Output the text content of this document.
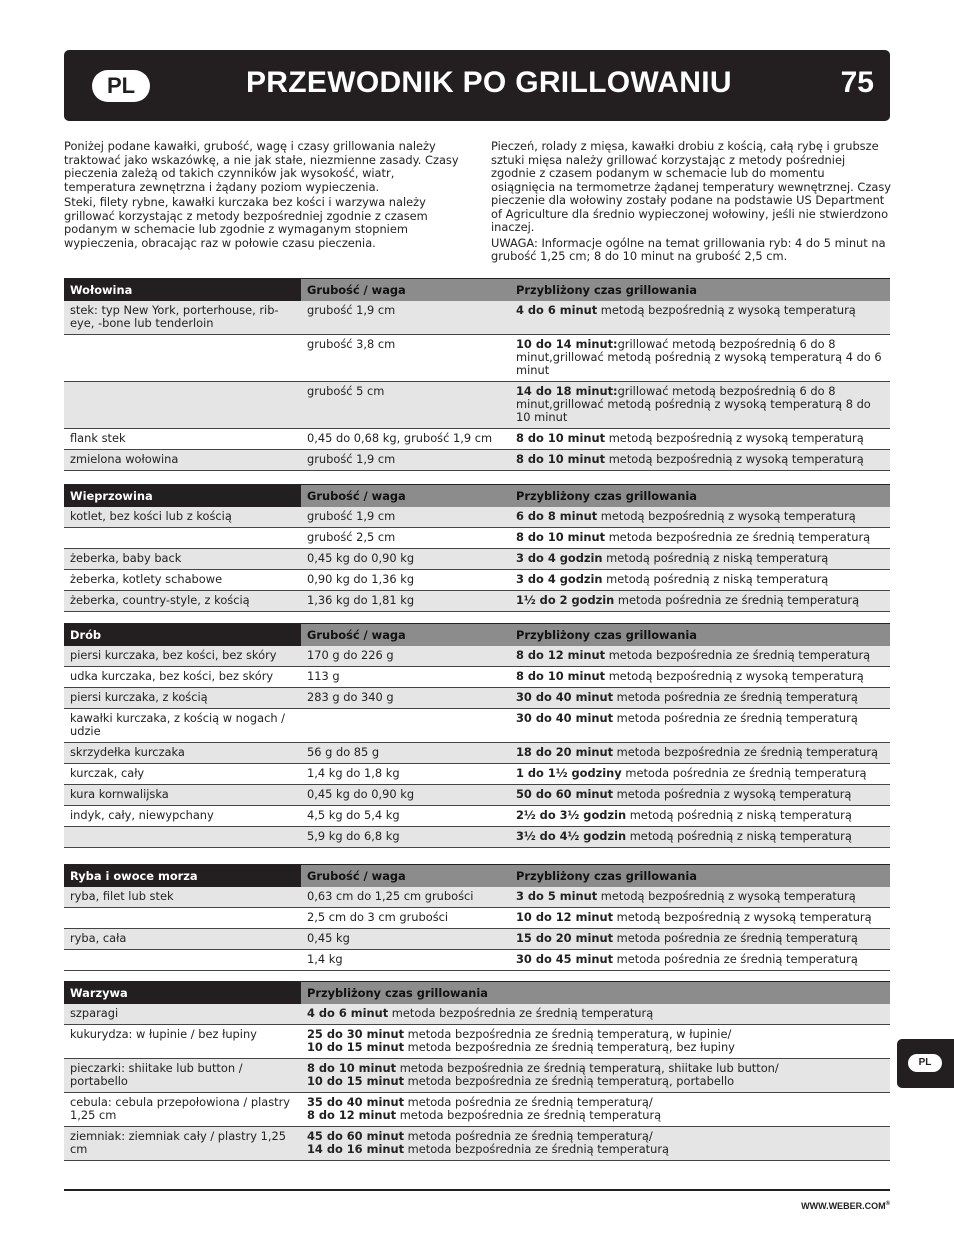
PL	PRZEWODNIK PO GRILLOWANIU	75

Poniżej podane kawałki, grubość, wagę i czasy grillowania należy traktować jako wskazówkę, a nie jak stałe, niezmienne zasady. Czasy pieczenia zależą od takich czynników jak wysokość, wiatr, temperatura zewnętrzna i żądany poziom wypieczenia.

Steki, filety rybne, kawałki kurczaka bez kości i warzywa należy grillować korzystając z metody bezpośredniej zgodnie z czasem podanym w schemacie lub zgodnie z wymaganym stopniem wypieczenia, obracając raz w połowie czasu pieczenia.

Pieczeń, rolady z mięsa, kawałki drobiu z kością, całą rybę i grubsze sztuki mięsa należy grillować korzystając z metody pośredniej zgodnie z czasem podanym w schemacie lub do momentu osiągnięcia na termometrze żądanej temperatury wewnętrznej. Czasy pieczenie dla wołowiny zostały podane na podstawie US Department of Agriculture dla średnio wypieczonej wołowiny, jeśli nie stwierdzono inaczej.

UWAGA: Informacje ogólne na temat grillowania ryb: 4 do 5 minut na grubość 1,25 cm; 8 do 10 minut na grubość 2,5 cm.

Wołowina	Grubość / waga	Przybliżony czas grillowania
stek: typ New York, porterhouse, rib-eye, -bone lub tenderloin	grubość 1,9 cm	4 do 6 minut metodą bezpośrednią z wysoką temperaturą
	grubość 3,8 cm	10 do 14 minut:grillować metodą bezpośrednią 6 do 8 minut,grillować metodą pośrednią z wysoką temperaturą 4 do 6 minut
	grubość 5 cm	14 do 18 minut:grillować metodą bezpośrednią 6 do 8 minut,grillować metodą pośrednią z wysoką temperaturą 8 do 10 minut
flank stek	0,45 do 0,68 kg, grubość 1,9 cm	8 do 10 minut metodą bezpośrednią z wysoką temperaturą
zmielona wołowina	grubość 1,9 cm	8 do 10 minut metodą bezpośrednią z wysoką temperaturą
Wieprzowina	Grubość / waga	Przybliżony czas grillowania
kotlet, bez kości lub z kością	grubość 1,9 cm	6 do 8 minut metodą bezpośrednią z wysoką temperaturą
	grubość 2,5 cm	8 do 10 minut metoda bezpośrednia ze średnią temperaturą
żeberka, baby back	0,45 kg do 0,90 kg	3 do 4 godzin metodą pośrednią z niską temperaturą
żeberka, kotlety schabowe	0,90 kg do 1,36 kg	3 do 4 godzin metodą pośrednią z niską temperaturą
żeberka, country-style, z kością	1,36 kg do 1,81 kg	1½ do 2 godzin metoda pośrednia ze średnią temperaturą
Drób	Grubość / waga	Przybliżony czas grillowania
piersi kurczaka, bez kości, bez skóry	170 g do 226 g	8 do 12 minut metoda bezpośrednia ze średnią temperaturą
udka kurczaka, bez kości, bez skóry	113 g	8 do 10 minut metodą bezpośrednią z wysoką temperaturą
piersi kurczaka, z kością	283 g do 340 g	30 do 40 minut metoda pośrednia ze średnią temperaturą
kawałki kurczaka, z kością w nogach / udzie		30 do 40 minut metoda pośrednia ze średnią temperaturą
skrzydełka kurczaka	56 g do 85 g	18 do 20 minut metoda bezpośrednia ze średnią temperaturą
kurczak, cały	1,4 kg do 1,8 kg	1 do 1½ godziny metoda pośrednia ze średnią temperaturą
kura kornwalijska	0,45 kg do 0,90 kg	50 do 60 minut metoda pośrednia z wysoką temperaturą
indyk, cały, niewypchany	4,5 kg do 5,4 kg	2½ do 3½ godzin metodą pośrednią z niską temperaturą
	5,9 kg do 6,8 kg	3½ do 4½ godzin metodą pośrednią z niską temperaturą
Ryba i owoce morza	Grubość / waga	Przybliżony czas grillowania
ryba, filet lub stek	0,63 cm do 1,25 cm grubości	3 do 5 minut metodą bezpośrednią z wysoką temperaturą
	2,5 cm do 3 cm grubości	10 do 12 minut metodą bezpośrednią z wysoką temperaturą
ryba, cała	0,45 kg	15 do 20 minut metoda pośrednia ze średnią temperaturą
	1,4 kg	30 do 45 minut metoda pośrednia ze średnią temperaturą
Warzywa	Przybliżony czas grillowania
szparagi	4 do 6 minut metoda bezpośrednia ze średnią temperaturą
kukurydza: w łupinie / bez łupiny	25 do 30 minut metoda bezpośrednia ze średnią temperaturą, w łupinie/
10 do 15 minut metoda bezpośrednia ze średnią temperaturą, bez łupiny
pieczarki: shiitake lub button / portabello	8 do 10 minut metoda bezpośrednia ze średnią temperaturą, shiitake lub button/
10 do 15 minut metoda bezpośrednia ze średnią temperaturą, portabello
cebula: cebula przepołowiona / plastry 1,25 cm	35 do 40 minut metoda pośrednia ze średnią temperaturą/
8 do 12 minut metoda bezpośrednia ze średnią temperaturą
ziemniak: ziemniak cały / plastry 1,25 cm	45 do 60 minut metoda pośrednia ze średnią temperaturą/
14 do 16 minut metoda bezpośrednia ze średnią temperaturą
PL
WWW.WEBER.COM®
